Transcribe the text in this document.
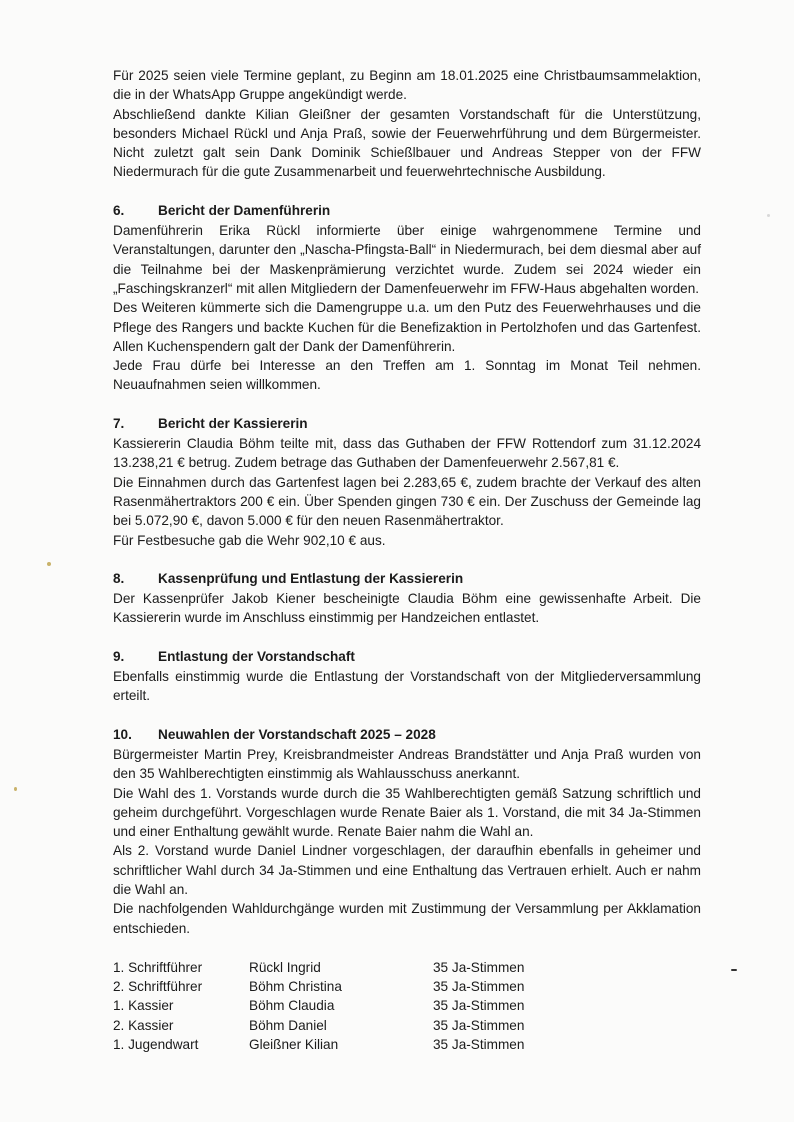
Für 2025 seien viele Termine geplant, zu Beginn am 18.01.2025 eine Christbaumsammelaktion, die in der WhatsApp Gruppe angekündigt werde.

Abschließend dankte Kilian Gleißner der gesamten Vorstandschaft für die Unterstützung, besonders Michael Rückl und Anja Praß, sowie der Feuerwehrführung und dem Bürgermeister. Nicht zuletzt galt sein Dank Dominik Schießlbauer und Andreas Stepper von der FFW Niedermurach für die gute Zusammenarbeit und feuerwehrtechnische Ausbildung.

6.	Bericht der Damenführerin

Damenführerin Erika Rückl informierte über einige wahrgenommene Termine und Veranstaltungen, darunter den „Nascha-Pfingsta-Ball“ in Niedermurach, bei dem diesmal aber auf die Teilnahme bei der Maskenprämierung verzichtet wurde. Zudem sei 2024 wieder ein „Faschingskranzerl“ mit allen Mitgliedern der Damenfeuerwehr im FFW-Haus abgehalten worden.

Des Weiteren kümmerte sich die Damengruppe u.a. um den Putz des Feuerwehrhauses und die Pflege des Rangers und backte Kuchen für die Benefizaktion in Pertolzhofen und das Gartenfest. Allen Kuchenspendern galt der Dank der Damenführerin.

Jede Frau dürfe bei Interesse an den Treffen am 1. Sonntag im Monat Teil nehmen. Neuaufnahmen seien willkommen.

7.	Bericht der Kassiererin

Kassiererin Claudia Böhm teilte mit, dass das Guthaben der FFW Rottendorf zum 31.12.2024 13.238,21 € betrug. Zudem betrage das Guthaben der Damenfeuerwehr 2.567,81 €.

Die Einnahmen durch das Gartenfest lagen bei 2.283,65 €, zudem brachte der Verkauf des alten Rasenmähertraktors 200 € ein. Über Spenden gingen 730 € ein. Der Zuschuss der Gemeinde lag bei 5.072,90 €, davon 5.000 € für den neuen Rasenmähertraktor.

Für Festbesuche gab die Wehr 902,10 € aus.

8.	Kassenprüfung und Entlastung der Kassiererin

Der Kassenprüfer Jakob Kiener bescheinigte Claudia Böhm eine gewissenhafte Arbeit. Die Kassiererin wurde im Anschluss einstimmig per Handzeichen entlastet.

9.	Entlastung der Vorstandschaft

Ebenfalls einstimmig wurde die Entlastung der Vorstandschaft von der Mitgliederversammlung erteilt.

10.	Neuwahlen der Vorstandschaft 2025 – 2028

Bürgermeister Martin Prey, Kreisbrandmeister Andreas Brandstätter und Anja Praß wurden von den 35 Wahlberechtigten einstimmig als Wahlausschuss anerkannt.

Die Wahl des 1. Vorstands wurde durch die 35 Wahlberechtigten gemäß Satzung schriftlich und geheim durchgeführt. Vorgeschlagen wurde Renate Baier als 1. Vorstand, die mit 34 Ja-Stimmen und einer Enthaltung gewählt wurde. Renate Baier nahm die Wahl an.

Als 2. Vorstand wurde Daniel Lindner vorgeschlagen, der daraufhin ebenfalls in geheimer und schriftlicher Wahl durch 34 Ja-Stimmen und eine Enthaltung das Vertrauen erhielt. Auch er nahm die Wahl an.

Die nachfolgenden Wahldurchgänge wurden mit Zustimmung der Versammlung per Akklamation entschieden.

1. Schriftführer	Rückl Ingrid	35 Ja-Stimmen
2. Schriftführer	Böhm Christina	35 Ja-Stimmen
1. Kassier	Böhm Claudia	35 Ja-Stimmen
2. Kassier	Böhm Daniel	35 Ja-Stimmen
1. Jugendwart	Gleißner Kilian	35 Ja-Stimmen
